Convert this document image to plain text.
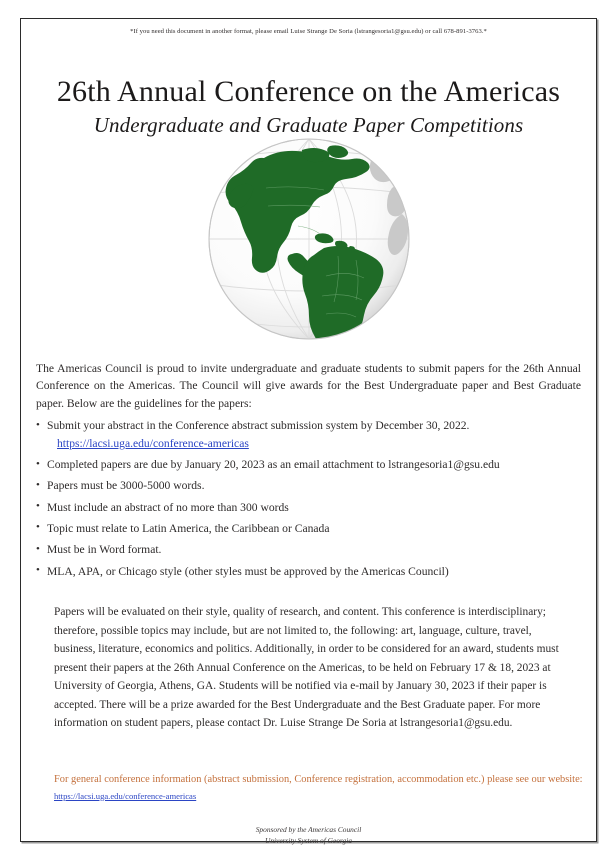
*If you need this document in another format, please email Luise Strange De Soria (lstrangesoria1@gsu.edu) or call 678-891-3763.*
26th Annual Conference on the Americas
Undergraduate and Graduate Paper Competitions

The Americas Council is proud to invite undergraduate and graduate students to submit papers for the 26th Annual Conference on the Americas. The Council will give awards for the Best Undergraduate paper and Best Graduate paper. Below are the guidelines for the papers:

• Submit your abstract in the Conference abstract submission system by December 30, 2022.
https://lacsi.uga.edu/conference-americas
• Completed papers are due by January 20, 2023 as an email attachment to lstrangesoria1@gsu.edu
• Papers must be 3000-5000 words.
• Must include an abstract of no more than 300 words
• Topic must relate to Latin America, the Caribbean or Canada
• Must be in Word format.
• MLA, APA, or Chicago style (other styles must be approved by the Americas Council)

Papers will be evaluated on their style, quality of research, and content. This conference is interdisciplinary; therefore, possible topics may include, but are not limited to, the following: art, language, culture, travel, business, literature, economics and politics. Additionally, in order to be considered for an award, students must present their papers at the 26th Annual Conference on the Americas, to be held on February 17 & 18, 2023 at University of Georgia, Athens, GA. Students will be notified via e-mail by January 30, 2023 if their paper is accepted. There will be a prize awarded for the Best Undergraduate and the Best Graduate paper. For more information on student papers, please contact Dr. Luise Strange De Soria at lstrangesoria1@gsu.edu.

For general conference information (abstract submission, Conference registration, accommodation etc.) please see our website: https://lacsi.uga.edu/conference-americas

Sponsored by the Americas Council
University System of Georgia
